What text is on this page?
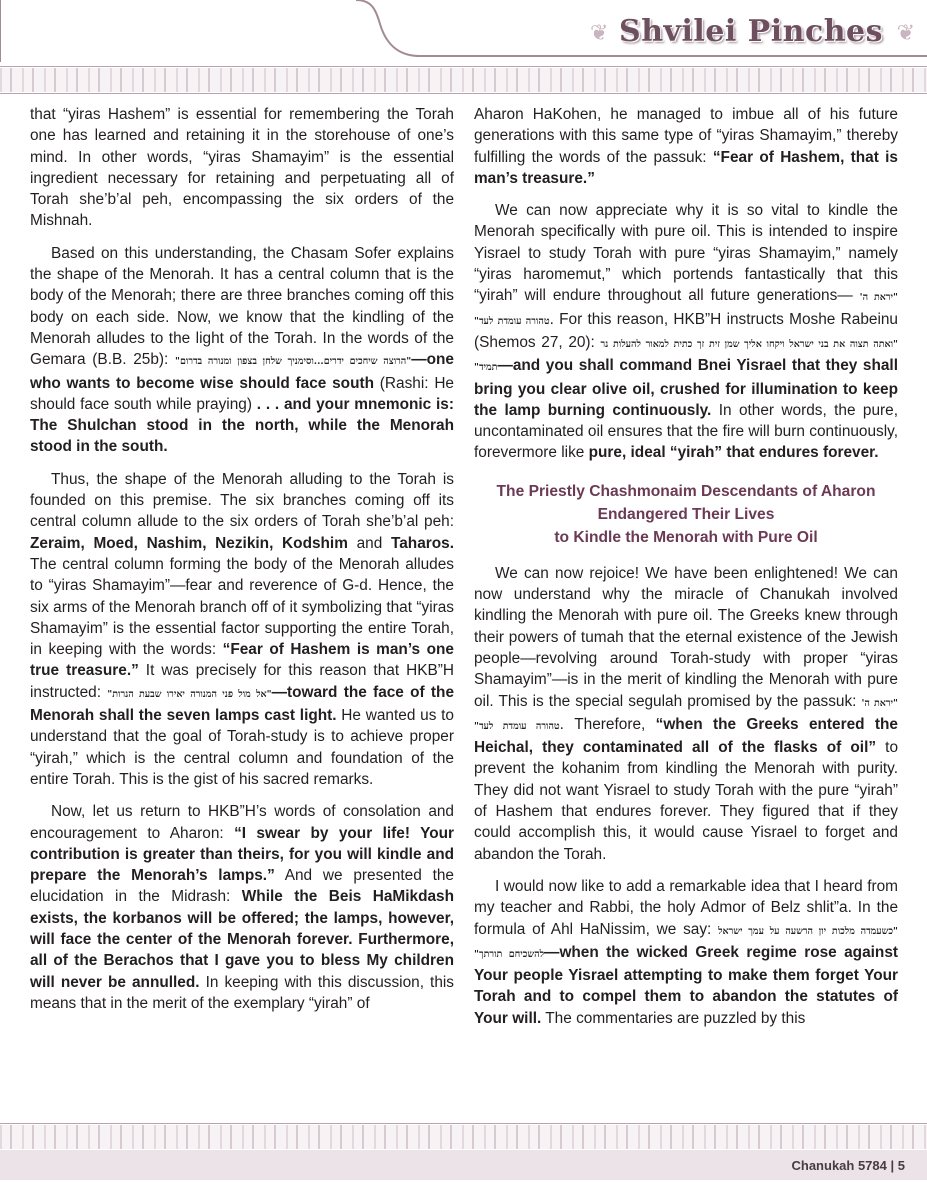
❦ Shvilei Pinches ❦

that “yiras Hashem” is essential for remembering the Torah one has learned and retaining it in the storehouse of one’s mind. In other words, “yiras Shamayim” is the essential ingredient necessary for retaining and perpetuating all of Torah she’b’al peh, encompassing the six orders of the Mishnah.

Based on this understanding, the Chasam Sofer explains the shape of the Menorah. It has a central column that is the body of the Menorah; there are three branches coming off this body on each side. Now, we know that the kindling of the Menorah alludes to the light of the Torah. In the words of the Gemara (B.B. 25b): "הרוצה שיחכים ידרים...וסימניך שלחן בצפון ומנורה בדרום"—one who wants to become wise should face south (Rashi: He should face south while praying) . . . and your mnemonic is: The Shulchan stood in the north, while the Menorah stood in the south.

Thus, the shape of the Menorah alluding to the Torah is founded on this premise. The six branches coming off its central column allude to the six orders of Torah she’b’al peh: Zeraim, Moed, Nashim, Nezikin, Kodshim and Taharos. The central column forming the body of the Menorah alludes to “yiras Shamayim”—fear and reverence of G-d. Hence, the six arms of the Menorah branch off of it symbolizing that “yiras Shamayim” is the essential factor supporting the entire Torah, in keeping with the words: “Fear of Hashem is man’s one true treasure.” It was precisely for this reason that HKB”H instructed: "אל מול פני המנורה יאירו שבעת הנרות"—toward the face of the Menorah shall the seven lamps cast light. He wanted us to understand that the goal of Torah-study is to achieve proper “yirah,” which is the central column and foundation of the entire Torah. This is the gist of his sacred remarks.

Now, let us return to HKB”H’s words of consolation and encouragement to Aharon: “I swear by your life! Your contribution is greater than theirs, for you will kindle and prepare the Menorah’s lamps.” And we presented the elucidation in the Midrash: While the Beis HaMikdash exists, the korbanos will be offered; the lamps, however, will face the center of the Menorah forever. Furthermore, all of the Berachos that I gave you to bless My children will never be annulled. In keeping with this discussion, this means that in the merit of the exemplary “yirah” of

Aharon HaKohen, he managed to imbue all of his future generations with this same type of “yiras Shamayim,” thereby fulfilling the words of the passuk: “Fear of Hashem, that is man’s treasure.”

We can now appreciate why it is so vital to kindle the Menorah specifically with pure oil. This is intended to inspire Yisrael to study Torah with pure “yiras Shamayim,” namely “yiras haromemut,” which portends fantastically that this “yirah” will endure throughout all future generations— "יראת ה' טהורה עומדת לעד". For this reason, HKB”H instructs Moshe Rabeinu (Shemos 27, 20): "ואתה תצוה את בני ישראל ויקחו אליך שמן זית זך כתית למאור להעלות נר תמיד"—and you shall command Bnei Yisrael that they shall bring you clear olive oil, crushed for illumination to keep the lamp burning continuously. In other words, the pure, uncontaminated oil ensures that the fire will burn continuously, forevermore like pure, ideal “yirah” that endures forever.

The Priestly Chashmonaim Descendants of Aharon
Endangered Their Lives
to Kindle the Menorah with Pure Oil

We can now rejoice! We have been enlightened! We can now understand why the miracle of Chanukah involved kindling the Menorah with pure oil. The Greeks knew through their powers of tumah that the eternal existence of the Jewish people—revolving around Torah-study with proper “yiras Shamayim”—is in the merit of kindling the Menorah with pure oil. This is the special segulah promised by the passuk: "יראת ה' טהורה עומדת לעד". Therefore, “when the Greeks entered the Heichal, they contaminated all of the flasks of oil” to prevent the kohanim from kindling the Menorah with purity. They did not want Yisrael to study Torah with the pure “yirah” of Hashem that endures forever. They figured that if they could accomplish this, it would cause Yisrael to forget and abandon the Torah.

I would now like to add a remarkable idea that I heard from my teacher and Rabbi, the holy Admor of Belz shlit”a. In the formula of Ahl HaNissim, we say: "כשעמדה מלכות יון הרשעה על עמך ישראל להשכיחם תורתך"—when the wicked Greek regime rose against Your people Yisrael attempting to make them forget Your Torah and to compel them to abandon the statutes of Your will. The commentaries are puzzled by this

Chanukah 5784 | 5
